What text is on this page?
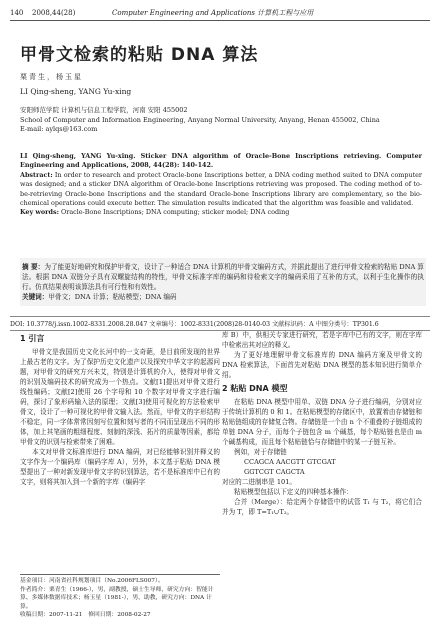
140	2008,44(28)	Computer Engineering and Applications 计算机工程与应用
甲骨文检索的粘贴 DNA 算法
栗青生，杨玉星
LI Qing-sheng, YANG Yu-xing
安阳师范学院 计算机与信息工程学院，河南 安阳 455002
School of Computer and Information Engineering, Anyang Normal University, Anyang, Henan 455002, China
E-mail: aylqs@163.com
LI Qing-sheng, YANG Yu-xing. Sticker DNA algorithm of Oracle-Bone Inscriptions retrieving. Computer Engineering and Applications, 2008, 44(28): 140-142.
Abstract: In order to research and protect Oracle-bone Inscriptions better, a DNA coding method suited to DNA computer was designed; and a sticker DNA algorithm of Oracle-bone Inscriptions retrieving was proposed. The coding method of to-be-retrieving Oracle-bone Inscriptions and the standard Oracle-bone Inscriptions library are complementary, so the bio-chemical operations could execute better. The simulation results indicated that the algorithm was feasible and validated.
Key words: Oracle-Bone Inscriptions; DNA computing; sticker model; DNA coding
摘 要：为了能更好地研究和保护甲骨文，设计了一种适合 DNA 计算机的甲骨文编码方式，并据此提出了进行甲骨文检索的粘贴 DNA 算法。根据 DNA 双链分子具有双螺旋结构的特性，甲骨文标准字库的编码和待检索文字的编码采用了互补的方式，以利于生化操作的执行。仿真结果表明该算法具有可行性和有效性。
关键词：甲骨文；DNA 计算；粘贴模型；DNA 编码
DOI: 10.3778/j.issn.1002-8331.2008.28.047 文章编号：1002-8331(2008)28-0140-03 文献标识码：A 中图分类号：TP301.6
1 引言

甲骨文是我国历史文化长河中的一支奇葩，是目前所发现的世界上最古老的文字。为了保护历史文化遗产以及探究中华文字的起源问题，对甲骨文的研究方兴未艾，特别是计算机的介入，使得对甲骨文的识别及编码技术的研究成为一个热点。文献[1]提出对甲骨文进行线性编码；文献[2]使用 26 个字母和 10 个数字对甲骨文字进行编码，探讨了象形码输入法的原理；文献[3]使用可视化的方法检索甲骨文，设计了一种可视化的甲骨文输入法。然而，甲骨文的字形结构不稳定，同一字体常常因刻写位置和刻写者的不同而呈现出不同的形体，加上其笔画的粗细程度、刻制的深浅、拓片的质量等因素，都给甲骨文的识别与检索带来了困难。

本文对甲骨文标准库进行 DNA 编码，对已经能够识别并释义的文字作为一个编码库（编码字库 A），另外，本文基于粘贴 DNA 模型提出了一种对新发现甲骨文字的识别算法，若不是标准库中已有的文字，则将其加入到一个新的字库（编码字

库 B）中，供相关专家进行研究，若是字库中已有的文字，则在字库中检索出其对应的释义。

为了更好地理解甲骨文标准库的 DNA 编码方案及甲骨文的 DNA 检索算法，下面首先对粘贴 DNA 模型的基本知识进行简单介绍。

2 粘贴 DNA 模型

在粘贴 DNA 模型中用单、双链 DNA 分子进行编码，分别对应于传统计算机的 0 和 1。在粘贴模型的存储区中，放置着由存储链和粘贴链组成的存储复合物。存储链是一个由 n 个不重叠的子链组成的单链 DNA 分子，而每个子链包含 m 个碱基，每个粘贴链也是由 m 个碱基构成，而且每个粘贴链恰与存储链中的某一子链互补。

例如，对于存储链

CCAGCA AACGTT GTCGAT

GGTCGT CAGCTA

对应的二进制串是 101。

粘贴模型包括以下定义的四种基本操作：

合并（Merge）：给定两个存储管中的试管 T₁ 与 T₂，将它们合并为 T，即 T=T₁∪T₂。

基金项目：河南省社科规划项目（No.2006FLS007）。
作者简介：栗青生（1966-），男，副教授，硕士生导师，研究方向：智能计算、多媒体数据库技术；杨玉星（1981-），男，助教，研究方向：DNA 计算。
收稿日期：2007-11-21　修回日期：2008-02-27
